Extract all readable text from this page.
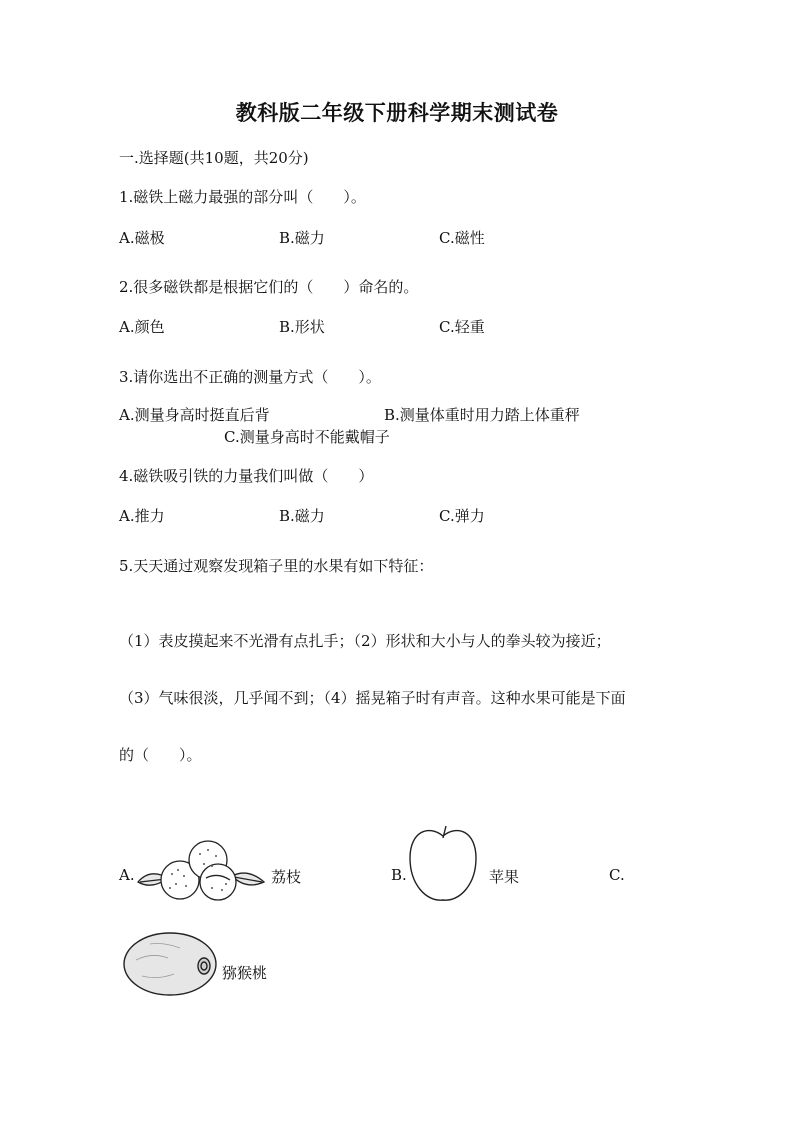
教科版二年级下册科学期末测试卷
一.选择题(共10题，共20分)
1.磁铁上磁力最强的部分叫（　　）。
A.磁极	B.磁力	C.磁性
2.很多磁铁都是根据它们的（　　）命名的。
A.颜色	B.形状	C.轻重
3.请你选出不正确的测量方式（　　）。
A.测量身高时挺直后背	B.测量体重时用力踏上体重秤
C.测量身高时不能戴帽子
4.磁铁吸引铁的力量我们叫做（　　）
A.推力	B.磁力	C.弹力
5.天天通过观察发现箱子里的水果有如下特征：
（1）表皮摸起来不光滑有点扎手；（2）形状和大小与人的拳头较为接近；
（3）气味很淡，几乎闻不到；（4）摇晃箱子时有声音。这种水果可能是下面
的（　　）。
A.	B.	C.
荔枝	苹果
猕猴桃
